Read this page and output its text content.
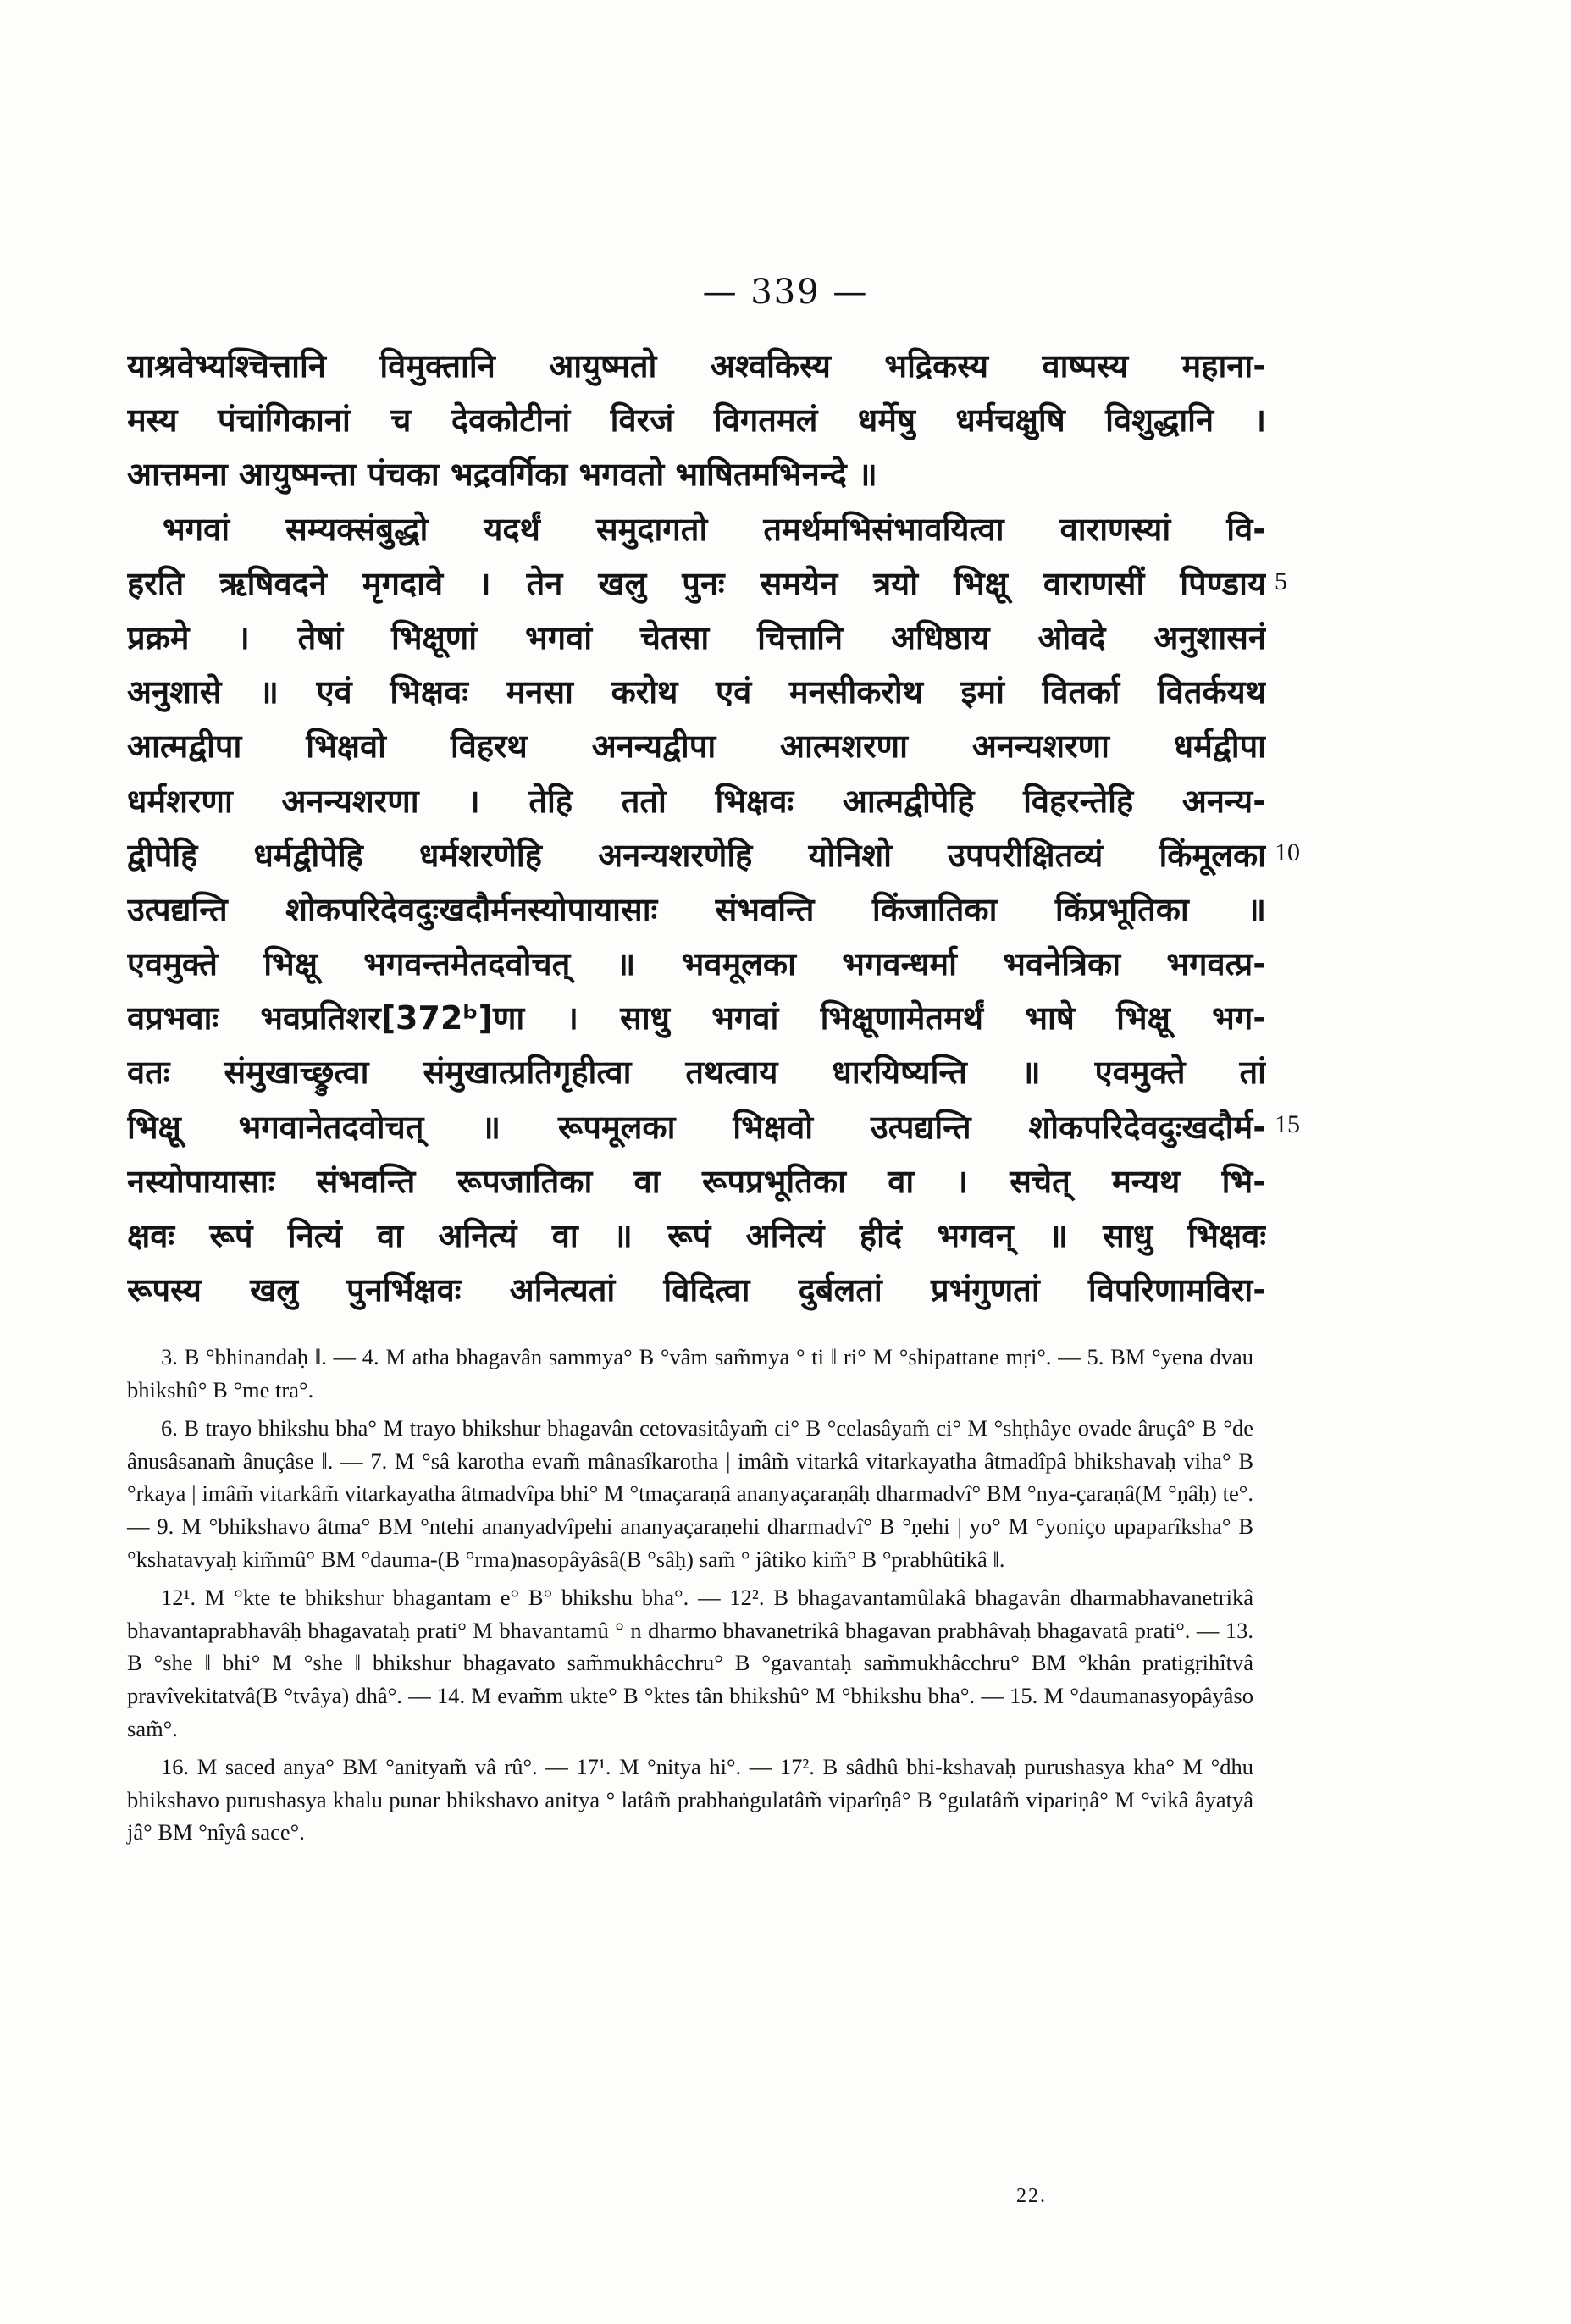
— 339 —
याश्रवेभ्यश्चित्तानि विमुक्तानि आयुष्मतो अश्वकिस्य भद्रिकस्य वाष्पस्य महाना-
मस्य पंचांगिकानां च देवकोटीनां विरजं विगतमलं धर्मेषु धर्मचक्षुषि विशुद्धानि ।
आत्तमना आयुष्मन्ता पंचका भद्रवर्गिका भगवतो भाषितमभिनन्दे ॥
भगवां सम्यक्संबुद्धो यदर्थं समुदागतो तमर्थमभिसंभावयित्वा वाराणस्यां वि-
हरति ऋषिवदने मृगदावे । तेन खलु पुनः समयेन त्रयो भिक्षू वाराणसीं पिण्डाय
प्रक्रमे । तेषां भिक्षूणां भगवां चेतसा चित्तानि अधिष्ठाय ओवदे अनुशासनं
अनुशासे ॥ एवं भिक्षवः मनसा करोथ एवं मनसीकरोथ इमां वितर्का वितर्कयथ
आत्मद्वीपा भिक्षवो विहरथ अनन्यद्वीपा आत्मशरणा अनन्यशरणा धर्मद्वीपा
धर्मशरणा अनन्यशरणा । तेहि ततो भिक्षवः आत्मद्वीपेहि विहरन्तेहि अनन्य-
द्वीपेहि धर्मद्वीपेहि धर्मशरणेहि अनन्यशरणेहि योनिशो उपपरीक्षितव्यं किंमूलका
उत्पद्यन्ति शोकपरिदेवदुःखदौर्मनस्योपायासाः संभवन्ति किंजातिका किंप्रभूतिका ॥
एवमुक्ते भिक्षू भगवन्तमेतदवोचत् ॥ भवमूलका भगवन्धर्मा भवनेत्रिका भगवत्प्र-
वप्रभवाः भवप्रतिशर[372ᵇ]णा । साधु भगवां भिक्षूणामेतमर्थं भाषे भिक्षू भग-
वतः संमुखाच्छ्रुत्वा संमुखात्प्रतिगृहीत्वा तथत्वाय धारयिष्यन्ति ॥ एवमुक्ते तां
भिक्षू भगवानेतदवोचत् ॥ रूपमूलका भिक्षवो उत्पद्यन्ति शोकपरिदेवदुःखदौर्म-
नस्योपायासाः संभवन्ति रूपजातिका वा रूपप्रभूतिका वा । सचेत् मन्यथ भि-
क्षवः रूपं नित्यं वा अनित्यं वा ॥ रूपं अनित्यं हीदं भगवन् ॥ साधु भिक्षवः
रूपस्य खलु पुनर्भिक्षवः अनित्यतां विदित्वा दुर्बलतां प्रभंगुणतां विपरिणामविरा-
5
10
15

3. B °bhinandaḥ ‖. — 4. M atha bhagavân sammya° B °vâm sam̃mya ° ti ‖ ri° M °shipattane mṛi°. — 5. BM °yena dvau bhikshû° B °me tra°.

6. B trayo bhikshu bha° M trayo bhikshur bhagavân cetovasitâyam̃ ci° B °celasâyam̃ ci° M °shṭhâye ovade âruçâ° B °de ânusâsanam̃ ânuçâse ‖. — 7. M °sâ karotha evam̃ mânasîkarotha | imâm̃ vitarkâ vitarkayatha âtmadîpâ bhikshavaḥ viha° B °rkaya | imâm̃ vitarkâm̃ vitarkayatha âtmadvîpa bhi° M °tmaçaraṇâ ananyaçaraṇâḥ dharmadvî° BM °nya-çaraṇâ(M °ṇâḥ) te°. — 9. M °bhikshavo âtma° BM °ntehi ananyadvîpehi ananyaçaraṇehi dharmadvî° B °ṇehi | yo° M °yoniço upaparîksha° B °kshatavyaḥ kim̃mû° BM °dauma-(B °rma)nasopâyâsâ(B °sâḥ) sam̃ ° jâtiko kim̃° B °prabhûtikâ ‖.

12¹. M °kte te bhikshur bhagantam e° B° bhikshu bha°. — 12². B bhagavantamûlakâ bhagavân dharmabhavanetrikâ bhavantaprabhavâḥ bhagavataḥ prati° M bhavantamû ° n dharmo bhavanetrikâ bhagavan prabhâvaḥ bhagavatâ prati°. — 13. B °she ‖ bhi° M °she ‖ bhikshur bhagavato sam̃mukhâcchru° B °gavantaḥ sam̃mukhâcchru° BM °khân pratigṛihîtvâ pravîvekitatvâ(B °tvâya) dhâ°. — 14. M evam̃m ukte° B °ktes tân bhikshû° M °bhikshu bha°. — 15. M °daumanasyopâyâso sam̃°.

16. M saced anya° BM °anityam̃ vâ rû°. — 17¹. M °nitya hi°. — 17². B sâdhû bhi-kshavaḥ purushasya kha° M °dhu bhikshavo purushasya khalu punar bhikshavo anitya ° latâm̃ prabhaṅgulatâm̃ viparîṇâ° B °gulatâm̃ vipariṇâ° M °vikâ âyatyâ jâ° BM °nîyâ sace°.

22.
